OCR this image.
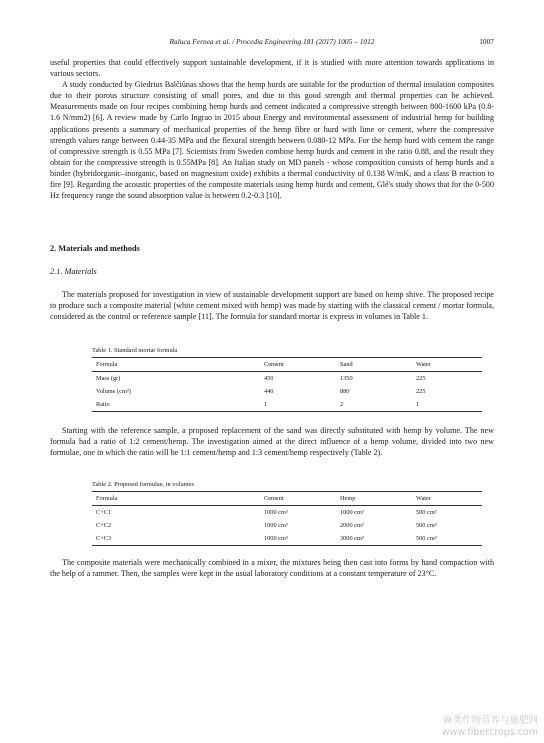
Raluca Fernea et al. / Procedia Engineering 181 (2017) 1005 – 1012	1007

useful properties that could effectively support sustainable development, if it is studied with more attention towards applications in various sectors.

A study conducted by Giedrius Balčiūnas shows that the hemp hurds are suitable for the production of thermal insulation composites due to their porous structure consisting of small pores, and due to this good strength and thermal properties can be achieved. Measurements made on four recipes combining hemp hurds and cement indicated a compressive strength between 800-1600 kPa (0.8-1.6 N/mm2) [6]. A review made by Carlo Ingrao in 2015 about Energy and environmental assessment of industrial hemp for building applications presents a summary of mechanical properties of the hemp fibre or hurd with lime or cement, where the compressive strength values range between 0.44-35 MPa and the flexural strength between 0.080-12 MPa. For the hemp hurd with cement the range of compressive strength is 0.55 MPa [7]. Scientists from Sweden combine hemp hurds and cement in the ratio 0.88, and the result they obtain for the compressive strength is 0.55MPa [8]. An Italian study on MD panels - whose composition consists of hemp hurds and a binder (hybridorganic–inorganic, based on magnesium oxide) exhibits a thermal conductivity of 0.138 W/mK, and a class B reaction to fire [9]. Regarding the acoustic properties of the composite materials using hemp hurds and cement, Glé's study shows that for the 0-500 Hz frequency range the sound absorption value is between 0.2-0.3 [10].

2. Materials and methods
2.1. Materials

The materials proposed for investigation in view of sustainable development support are based on hemp shive. The proposed recipe to produce such a composite material (white cement mixed with hemp) was made by starting with the classical cement / mortar formula, considered as the control or reference sample [11]. The formula for standard mortar is express in volumes in Table 1.

Table 1. Standard mortar formula
Formula	Cement	Sand	Water
Mass (gr)	450	1350	225
Volume (cm³)	440	880	225
Ratio	1	2	1

Starting with the reference sample, a proposed replacement of the sand was directly substituted with hemp by volume. The new formula had a ratio of 1:2 cement/hemp. The investigation aimed at the direct influence of a hemp volume, divided into two new formulae, one in which the ratio will be 1:1 cement/hemp and 1:3 cement/hemp respectively (Table 2).

Table 2. Proposed formulae, in volumes
Formula	Cement	Hemp	Water
C+C1	1000 cm³	1000 cm³	500 cm³
C+C2	1000 cm³	2000 cm³	500 cm³
C+C3	1000 cm³	3000 cm³	500 cm³

The composite materials were mechanically combined in a mixer, the mixtures being then cast into forms by hand compaction with the help of a rammer. Then, the samples were kept in the usual laboratory conditions at a constant temperature of 23°C.

麻类作物营养与施肥网
www.fibercrops.com
